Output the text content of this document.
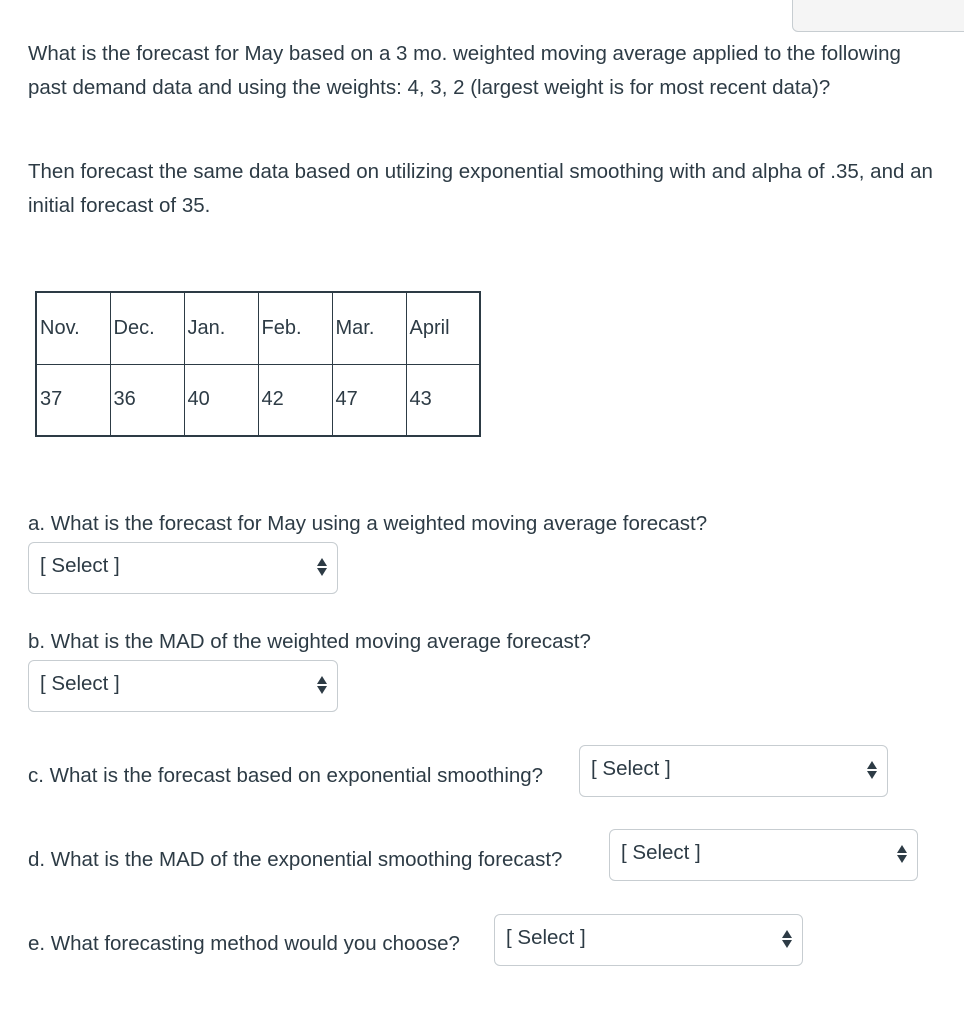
What is the forecast for May based on a 3 mo. weighted moving average applied to the following past demand data and using the weights: 4, 3, 2 (largest weight is for most recent data)?

Then forecast the same data based on utilizing exponential smoothing with and alpha of .35, and an initial forecast of 35.

Nov.	Dec.	Jan.	Feb.	Mar.	April
37	36	40	42	47	43
a. What is the forecast for May using a weighted moving average forecast?
[ Select ]
b. What is the MAD of the weighted moving average forecast?
[ Select ]
c. What is the forecast based on exponential smoothing? [ Select ]
d. What is the MAD of the exponential smoothing forecast?	[ Select ]
e. What forecasting method would you choose? [ Select ]
